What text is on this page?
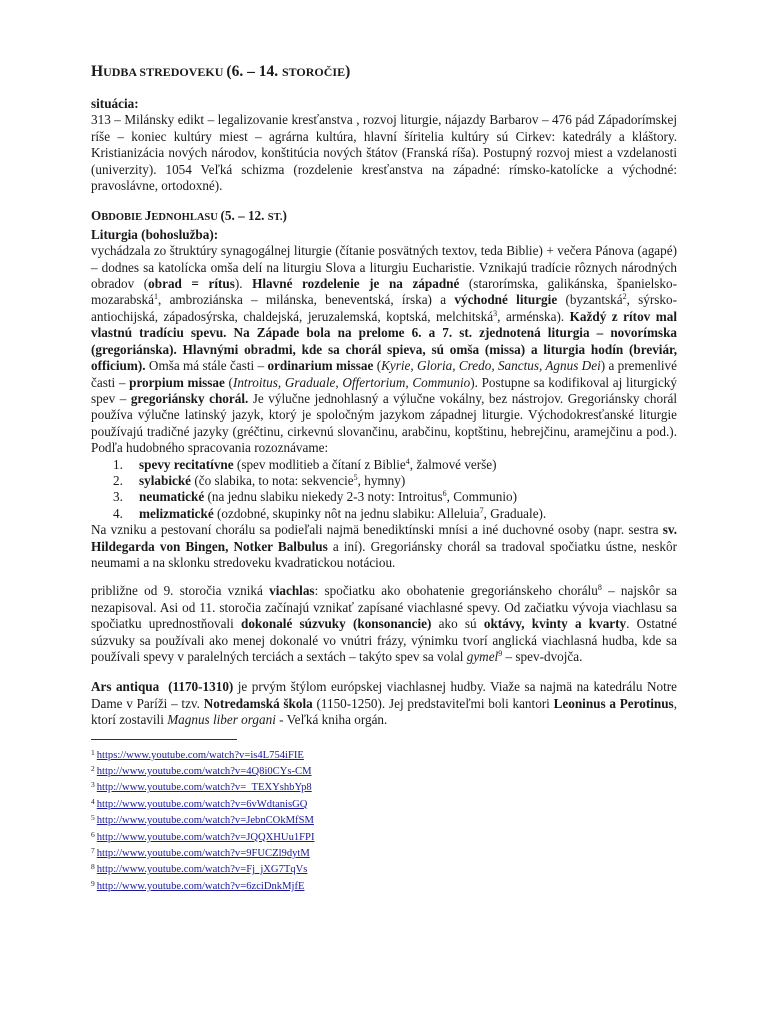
HUDBA STREDOVEKU (6. – 14. STOROČIE)

situácia:

313 – Milánsky edikt – legalizovanie kresťanstva , rozvoj liturgie, nájazdy Barbarov – 476 pád Západorímskej ríše – koniec kultúry miest – agrárna kultúra, hlavní šíritelia kultúry sú Cirkev: katedrály a kláštory. Kristianizácia nových národov, konštitúcia nových štátov (Franská ríša). Postupný rozvoj miest a vzdelanosti (univerzity). 1054 Veľká schizma (rozdelenie kresťanstva na západné: rímsko-katolícke a východné: pravoslávne, ortodoxné).

OBDOBIE JEDNOHLASU (5. – 12. ST.)

Liturgia (bohoslužba):

vychádzala zo štruktúry synagogálnej liturgie (čítanie posvätných textov, teda Biblie) + večera Pánova (agapé) – dodnes sa katolícka omša delí na liturgiu Slova a liturgiu Eucharistie. Vznikajú tradície rôznych národných obradov (obrad = rítus). Hlavné rozdelenie je na západné (starorímska, galikánska, španielsko-mozarabská$^1$, ambroziánska – milánska, beneventská, írska) a východné liturgie (byzantská$^2$, sýrsko-antiochijská, západosýrska, chaldejská, jeruzalemská, koptská, melchitská$^3$, arménska). Každý z rítov mal vlastnú tradíciu spevu. Na Západe bola na prelome 6. a 7. st. zjednotená liturgia – novorímska (gregoriánska). Hlavnými obradmi, kde sa chorál spieva, sú omša (missa) a liturgia hodín (breviár, officium). Omša má stále časti – ordinarium missae (Kyrie, Gloria, Credo, Sanctus, Agnus Dei) a premenlivé časti – prorpium missae (Introitus, Graduale, Offertorium, Communio). Postupne sa kodifikoval aj liturgický spev – gregoriánsky chorál. Je výlučne jednohlasný a výlučne vokálny, bez nástrojov. Gregoriánsky chorál používa výlučne latinský jazyk, ktorý je spoločným jazykom západnej liturgie. Východokresťanské liturgie používajú tradičné jazyky (gréčtinu, cirkevnú slovančinu, arabčinu, koptštinu, hebrejčinu, aramejčinu a pod.). Podľa hudobného spracovania rozoznávame:

1. spevy recitatívne (spev modlitieb a čítaní z Biblie$^4$, žalmové verše)
2. sylabické (čo slabika, to nota: sekvencie$^5$, hymny)
3. neumatické (na jednu slabiku niekedy 2-3 noty: Introitus$^6$, Communio)
4. melizmatické (ozdobné, skupinky nôt na jednu slabiku: Alleluia$^7$, Graduale).

Na vzniku a pestovaní chorálu sa podieľali najmä benediktínski mnísi a iné duchovné osoby (napr. sestra sv. Hildegarda von Bingen, Notker Balbulus a iní). Gregoriánsky chorál sa tradoval spočiatku ústne, neskôr neumami a na sklonku stredoveku kvadratickou notáciou.

približne od 9. storočia vzniká viachlas: spočiatku ako obohatenie gregoriánskeho chorálu$^8$ – najskôr sa nezapisoval. Asi od 11. storočia začínajú vznikať zapísané viachlasné spevy. Od začiatku vývoja viachlasu sa spočiatku uprednostňovali dokonalé súzvuky (konsonancie) ako sú oktávy, kvinty a kvarty. Ostatné súzvuky sa používali ako menej dokonalé vo vnútri frázy, výnimku tvorí anglická viachlasná hudba, kde sa používali spevy v paralelných terciách a sextách – takýto spev sa volal gymel$^9$ – spev-dvojča.

Ars antiqua (1170-1310) je prvým štýlom európskej viachlasnej hudby. Viaže sa najmä na katedrálu Notre Dame v Paríži – tzv. Notredamská škola (1150-1250). Jej predstaviteľmi boli kantori Leoninus a Perotinus, ktorí zostavili Magnus liber organi - Veľká kniha orgán.

$^1$ https://www.youtube.com/watch?v=is4L754iFIE
$^2$ http://www.youtube.com/watch?v=4Q8i0CYs-CM
$^3$ http://www.youtube.com/watch?v=_TEXYshbYp8
$^4$ http://www.youtube.com/watch?v=6vWdtanisGQ
$^5$ http://www.youtube.com/watch?v=JebnCOkMfSM
$^6$ http://www.youtube.com/watch?v=JQQXHUu1FPI
$^7$ http://www.youtube.com/watch?v=9FUCZl9dytM
$^8$ http://www.youtube.com/watch?v=Fj_jXG7TqVs
$^9$ http://www.youtube.com/watch?v=6zciDnkMjfE
